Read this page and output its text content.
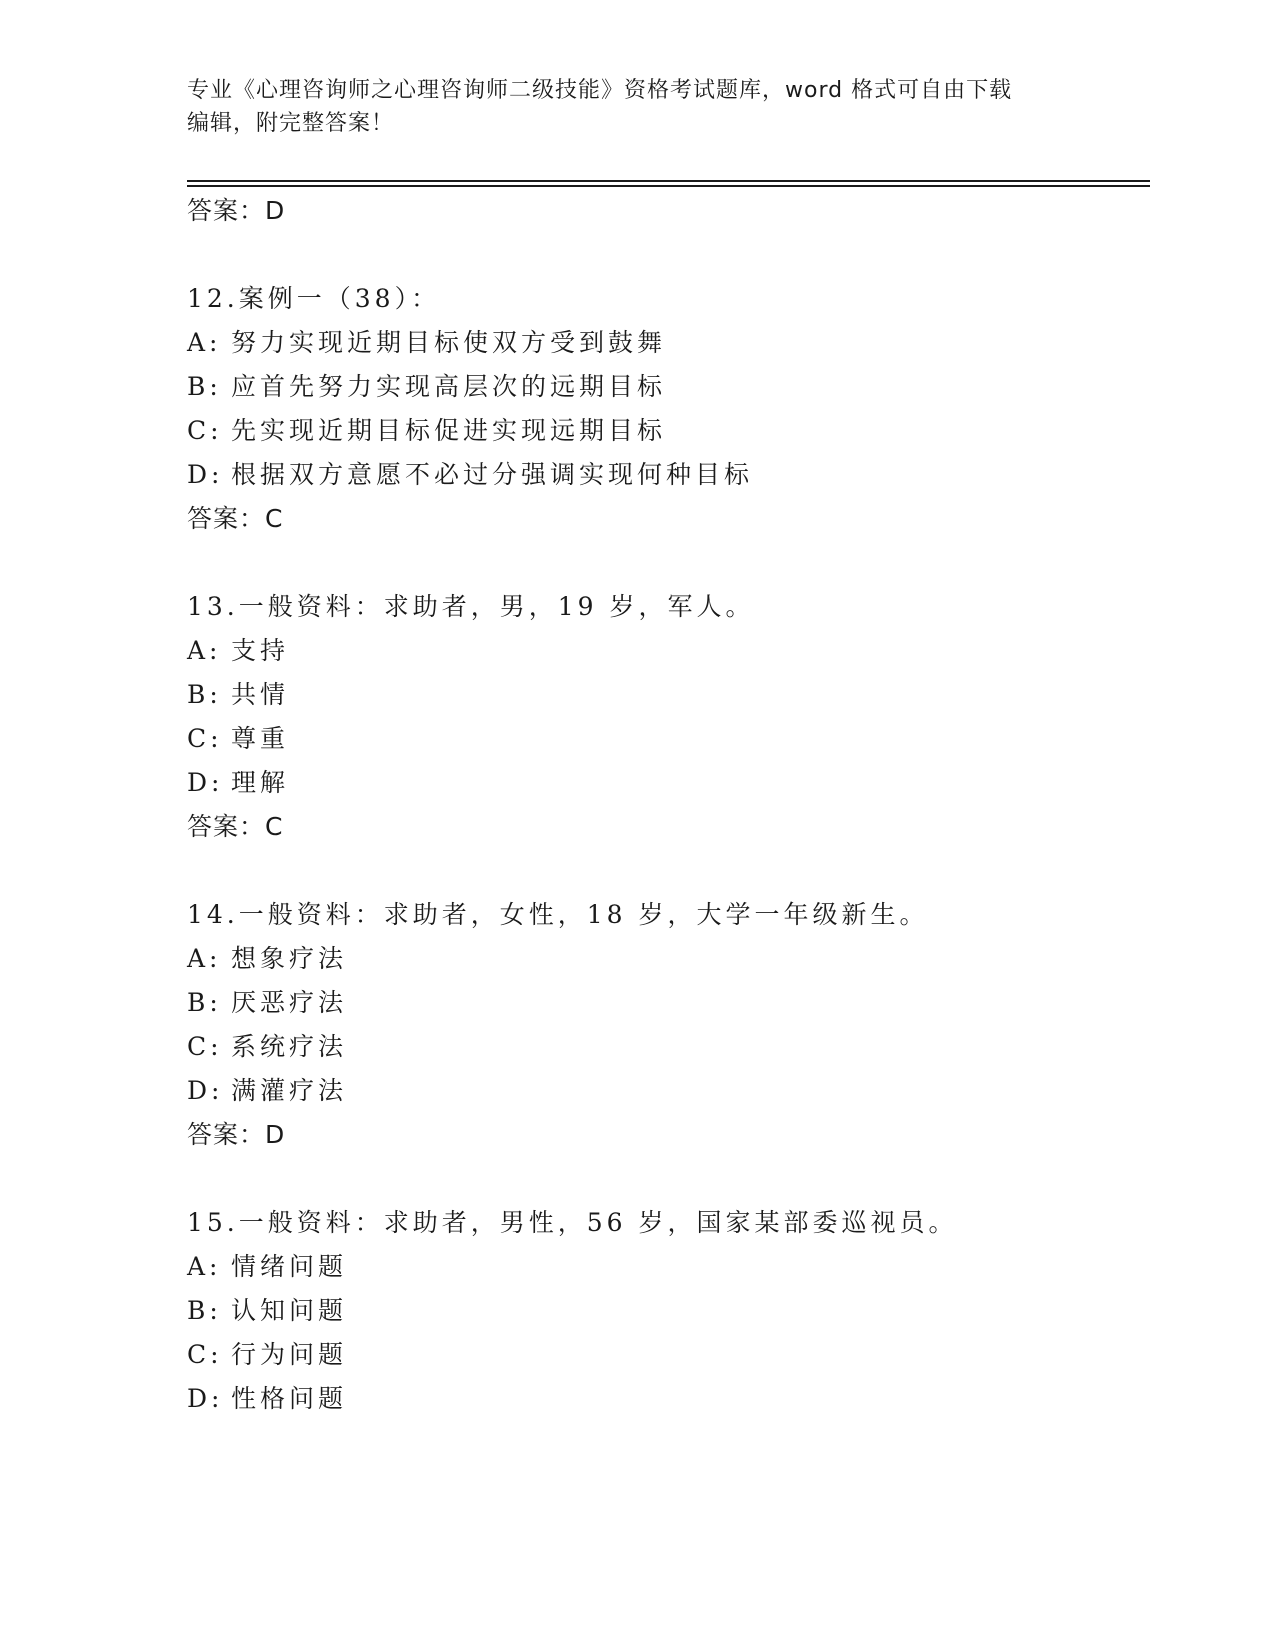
专业《心理咨询师之心理咨询师二级技能》资格考试题库，word 格式可自由下载
编辑，附完整答案！
答案：D
12.案例一（38）：
A: 努力实现近期目标使双方受到鼓舞
B: 应首先努力实现高层次的远期目标
C: 先实现近期目标促进实现远期目标
D: 根据双方意愿不必过分强调实现何种目标
答案：C
13.一般资料：求助者，男，19 岁，军人。
A: 支持
B: 共情
C: 尊重
D: 理解
答案：C
14.一般资料：求助者，女性，18 岁，大学一年级新生。
A: 想象疗法
B: 厌恶疗法
C: 系统疗法
D: 满灌疗法
答案：D
15.一般资料：求助者，男性，56 岁，国家某部委巡视员。
A: 情绪问题
B: 认知问题
C: 行为问题
D: 性格问题
